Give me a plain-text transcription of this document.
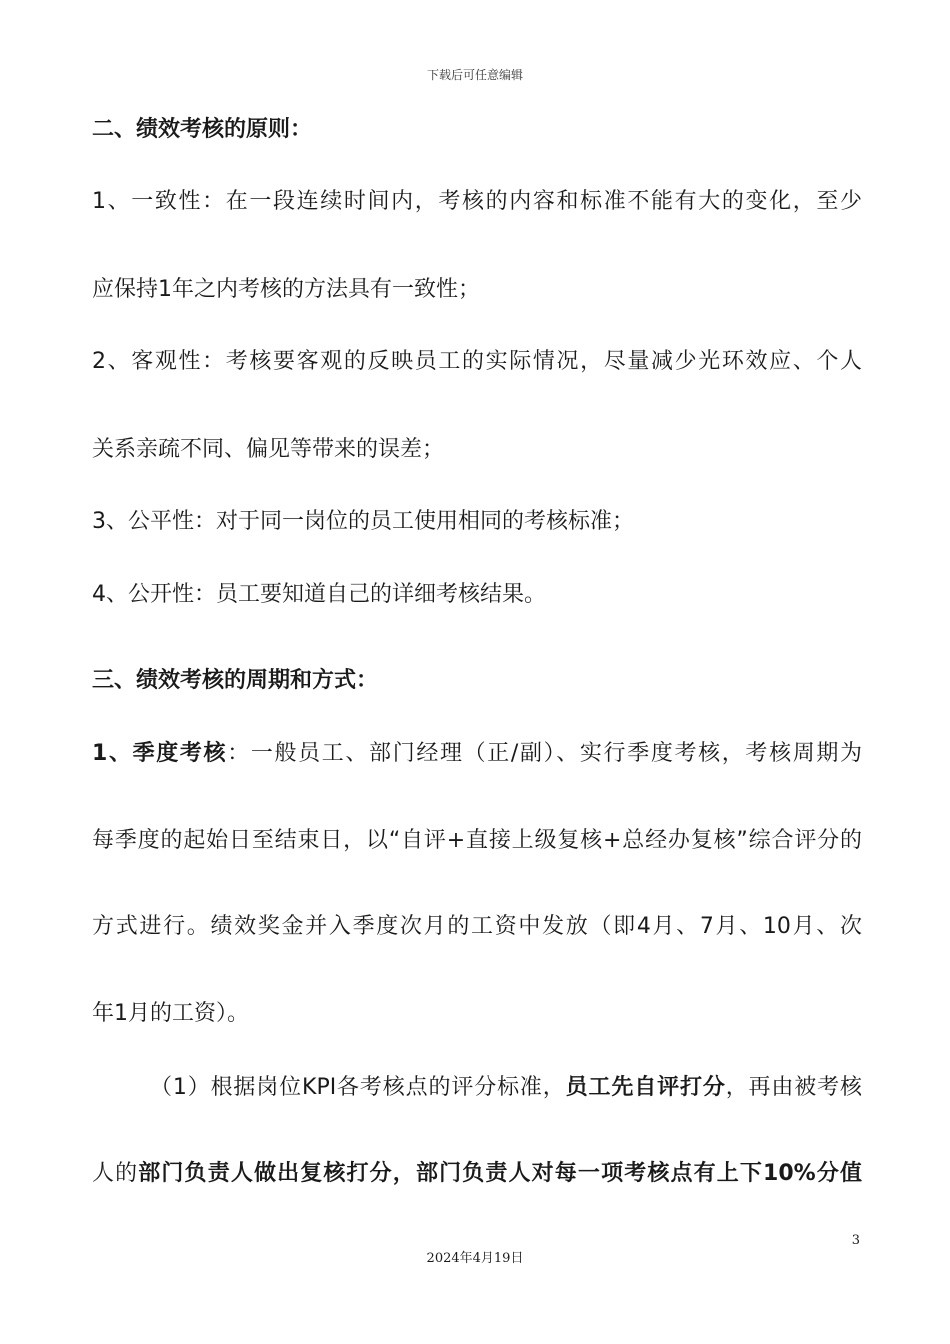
下载后可任意编辑
二、绩效考核的原则：
1、一致性：在一段连续时间内，考核的内容和标准不能有大的变化，至少
应保持1年之内考核的方法具有一致性；
2、客观性：考核要客观的反映员工的实际情况，尽量减少光环效应、个人
关系亲疏不同、偏见等带来的误差；
3、公平性：对于同一岗位的员工使用相同的考核标准；
4、公开性：员工要知道自己的详细考核结果。
三、绩效考核的周期和方式：
1、季度考核：一般员工、部门经理（正/副）、实行季度考核，考核周期为
每季度的起始日至结束日，以“自评+直接上级复核+总经办复核”综合评分的
方式进行。绩效奖金并入季度次月的工资中发放（即4月、7月、10月、次
年1月的工资）。
（1）根据岗位KPI各考核点的评分标准，员工先自评打分，再由被考核
人的部门负责人做出复核打分，部门负责人对每一项考核点有上下10%分值
3
2024年4月19日
